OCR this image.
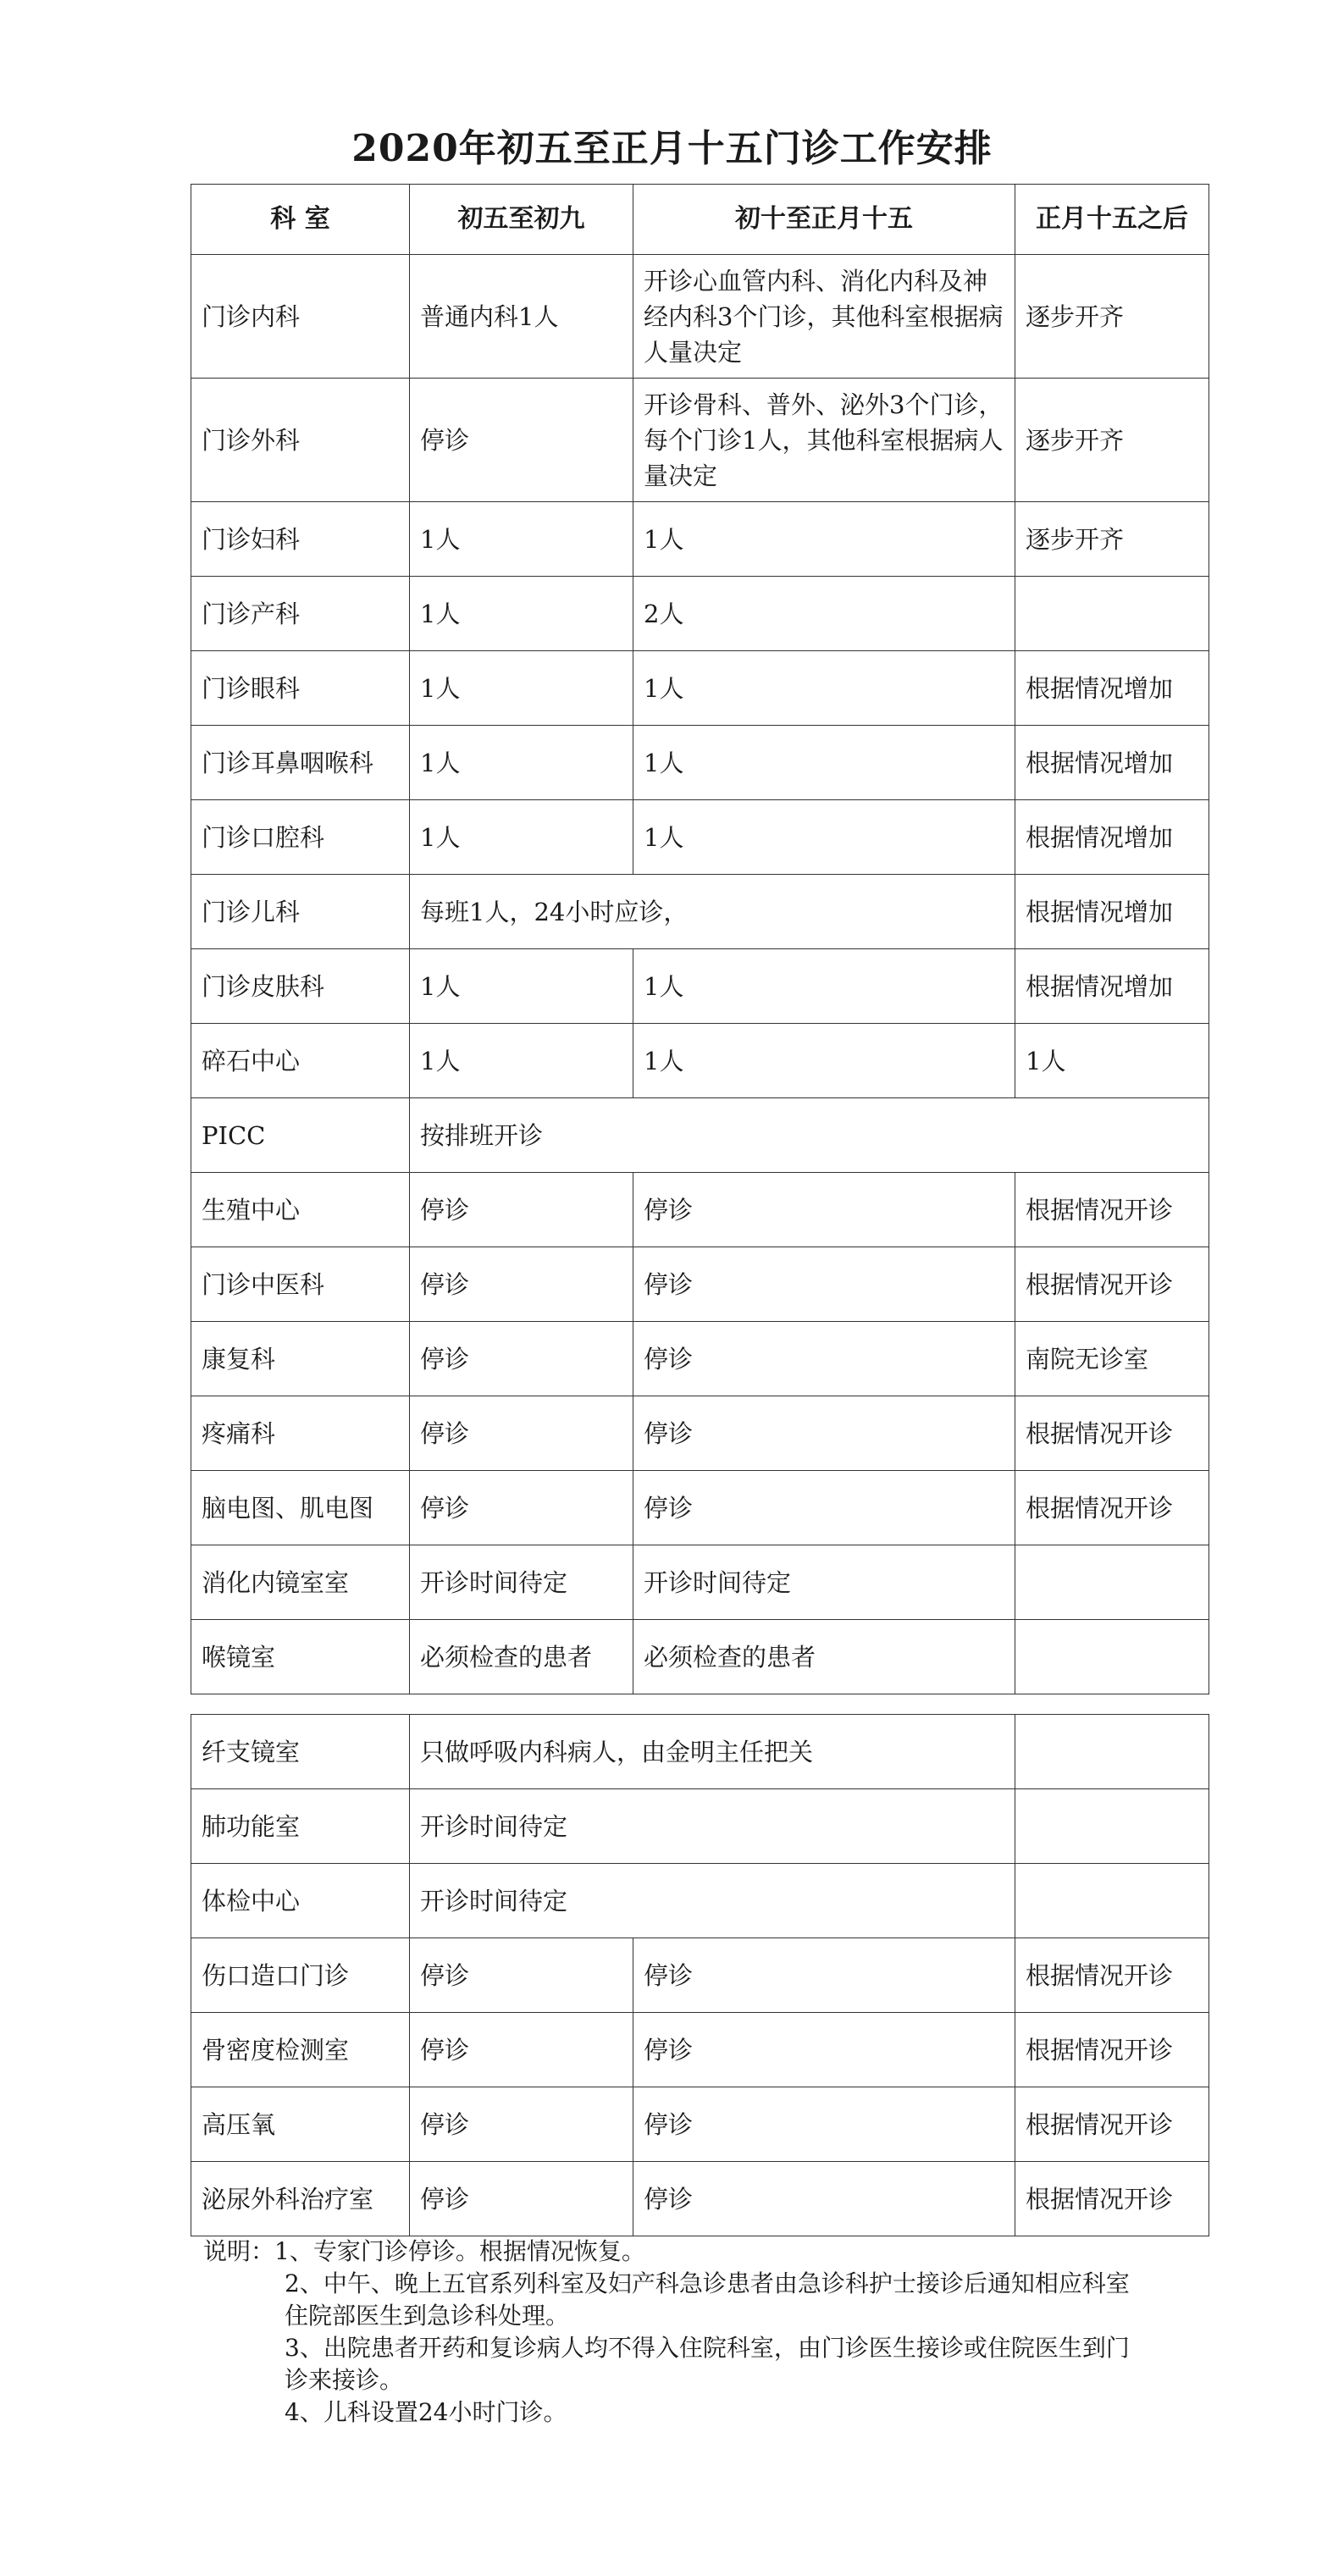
2020年初五至正月十五门诊工作安排
科 室	初五至初九	初十至正月十五	正月十五之后
门诊内科	普通内科1人	开诊心血管内科、消化内科及神经内科3个门诊，其他科室根据病人量决定	逐步开齐
门诊外科	停诊	开诊骨科、普外、泌外3个门诊，每个门诊1人，其他科室根据病人量决定	逐步开齐
门诊妇科	1人	1人	逐步开齐
门诊产科	1人	2人	
门诊眼科	1人	1人	根据情况增加
门诊耳鼻咽喉科	1人	1人	根据情况增加
门诊口腔科	1人	1人	根据情况增加
门诊儿科	每班1人，24小时应诊，		根据情况增加
门诊皮肤科	1人	1人	根据情况增加
碎石中心	1人	1人	1人
PICC	按排班开诊		
生殖中心	停诊	停诊	根据情况开诊
门诊中医科	停诊	停诊	根据情况开诊
康复科	停诊	停诊	南院无诊室
疼痛科	停诊	停诊	根据情况开诊
脑电图、肌电图	停诊	停诊	根据情况开诊
消化内镜室室	开诊时间待定	开诊时间待定	
喉镜室	必须检查的患者	必须检查的患者	
纤支镜室	只做呼吸内科病人，由金明主任把关		
肺功能室	开诊时间待定		
体检中心	开诊时间待定		
伤口造口门诊	停诊	停诊	根据情况开诊
骨密度检测室	停诊	停诊	根据情况开诊
高压氧	停诊	停诊	根据情况开诊
泌尿外科治疗室	停诊	停诊	根据情况开诊
说明： 1、专家门诊停诊。根据情况恢复。

2、中午、晚上五官系列科室及妇产科急诊患者由急诊科护士接诊后通知相应科室住院部医生到急诊科处理。

3、出院患者开药和复诊病人均不得入住院科室，由门诊医生接诊或住院医生到门诊来接诊。

4、儿科设置24小时门诊。
